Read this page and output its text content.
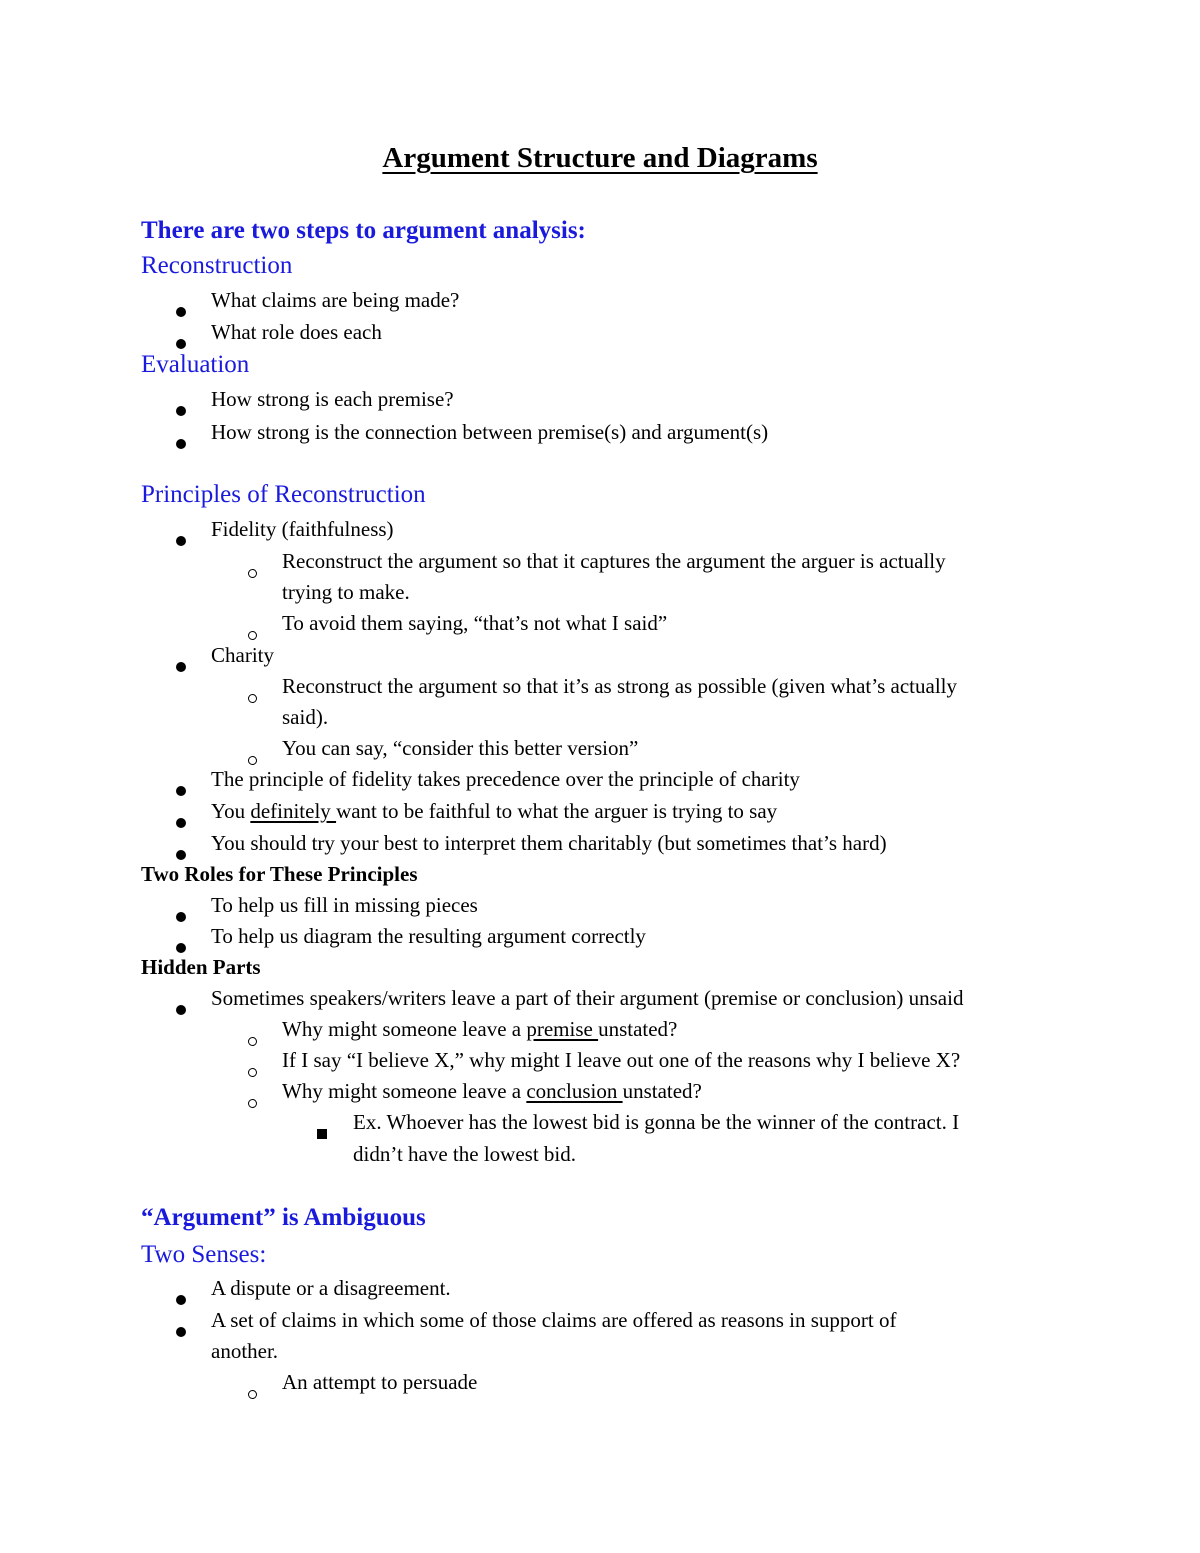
Argument Structure and Diagrams
There are two steps to argument analysis:
Reconstruction
What claims are being made?
What role does each
Evaluation
How strong is each premise?
How strong is the connection between premise(s) and argument(s)
Principles of Reconstruction
Fidelity (faithfulness)
Reconstruct the argument so that it captures the argument the arguer is actually
trying to make.
To avoid them saying, “that’s not what I said”
Charity
Reconstruct the argument so that it’s as strong as possible (given what’s actually
said).
You can say, “consider this better version”
The principle of fidelity takes precedence over the principle of charity
You definitely want to be faithful to what the arguer is trying to say
You should try your best to interpret them charitably (but sometimes that’s hard)
Two Roles for These Principles
To help us fill in missing pieces
To help us diagram the resulting argument correctly
Hidden Parts
Sometimes speakers/writers leave a part of their argument (premise or conclusion) unsaid
Why might someone leave a premise unstated?
If I say “I believe X,” why might I leave out one of the reasons why I believe X?
Why might someone leave a conclusion unstated?
Ex. Whoever has the lowest bid is gonna be the winner of the contract. I
didn’t have the lowest bid.
“Argument” is Ambiguous
Two Senses:
A dispute or a disagreement.
A set of claims in which some of those claims are offered as reasons in support of
another.
An attempt to persuade
